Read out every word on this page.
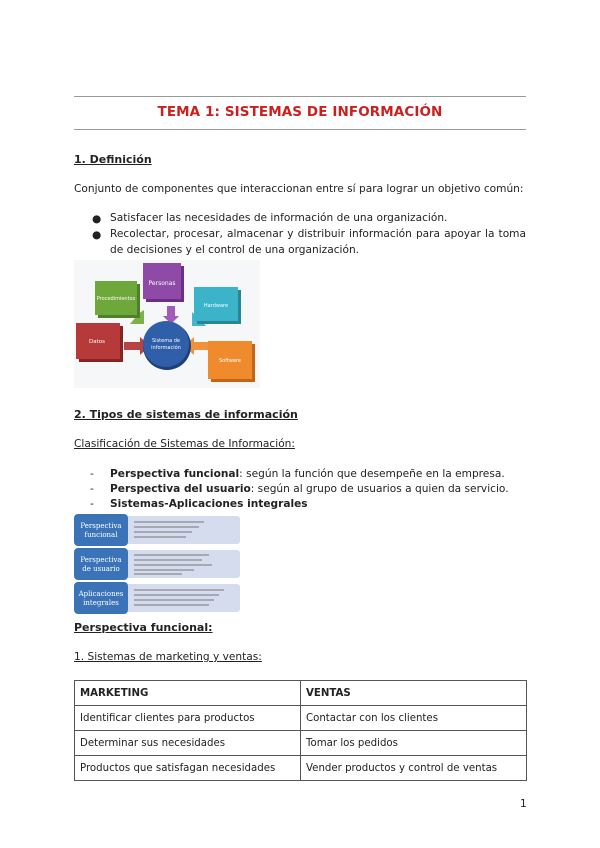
TEMA 1: SISTEMAS DE INFORMACIÓN
1. Definición
Conjunto de componentes que interaccionan entre sí para lograr un objetivo común:
● Satisfacer las necesidades de información de una organización.
● Recolectar, procesar, almacenar y distribuir información para apoyar la toma de decisiones y el control de una organización.
Personas
Procedimientos
Hardware
Datos
Software
Sistema de
información
2. Tipos de sistemas de información
Clasificación de Sistemas de Información:
- Perspectiva funcional: según la función que desempeñe en la empresa.
- Perspectiva del usuario: según al grupo de usuarios a quien da servicio.
- Sistemas-Aplicaciones integrales
Perspectiva
funcional
Perspectiva
de usuario
Aplicaciones
integrales
Perspectiva funcional:
1. Sistemas de marketing y ventas:
MARKETING	VENTAS
Identificar clientes para productos	Contactar con los clientes
Determinar sus necesidades	Tomar los pedidos
Productos que satisfagan necesidades	Vender productos y control de ventas
1
